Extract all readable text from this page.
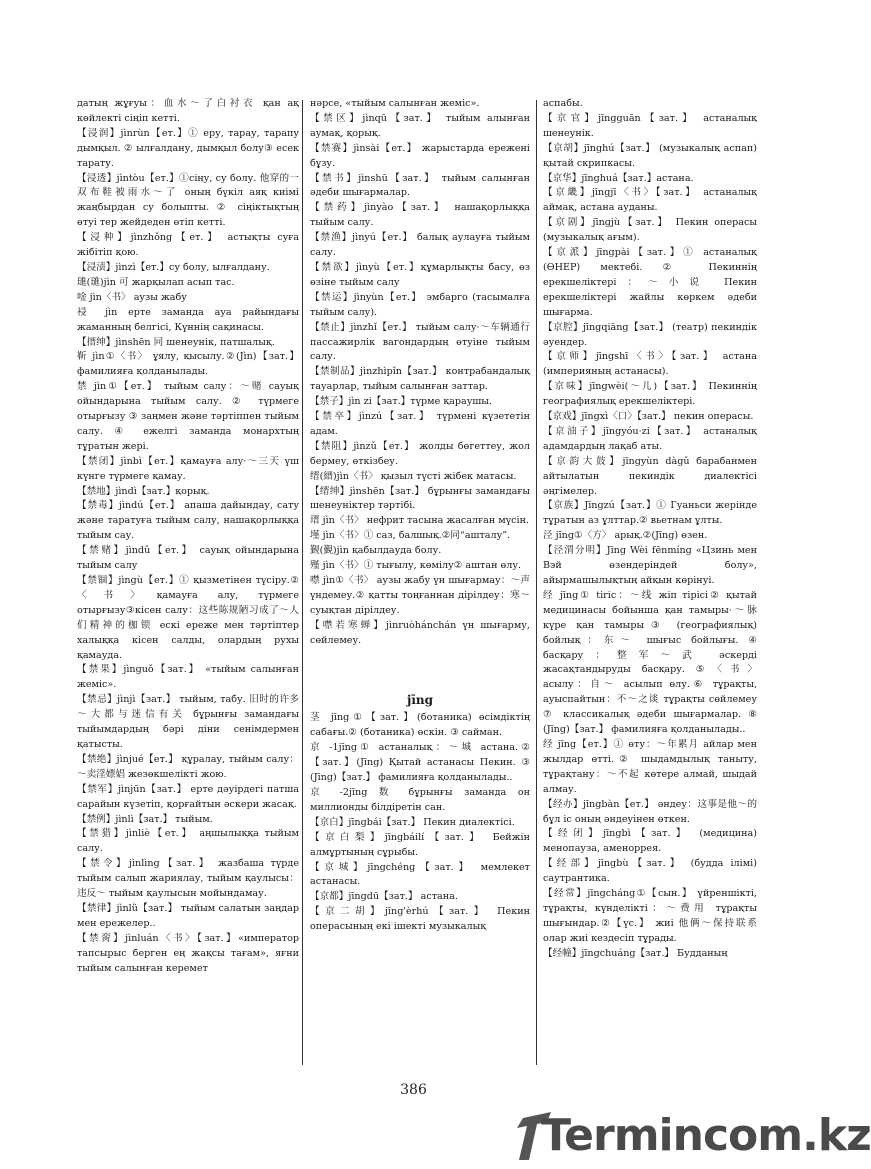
датың жұғуы：血水～了白衬衣 қан ақ көйлекті сіңіп кетті.

【浸润】jìnrùn【ет.】① еру, тарау, тарапу дымқыл. ② ылғалдану, дымқыл болу③ есек тарату.

【浸透】jìntòu【ет.】①сіңу, су болу. 他穿的一双布鞋被雨水～了 оның бүкіл аяқ киімі жаңбырдан су болыпты. ② сіңіктықтың өтуі тер жейдеден өтіп кетті.

【浸种】jìnzhǒng【ет.】 астықты суға жібітіп қою.

【浸渍】jìnzì【ет.】су болу, ылғалдану.

璡(璡)jìn 可 жарқылап асып тас.

唫 jìn〈书〉 аузы жабу

祲 jìn ерте заманда ауа райындағы жаманның белгісі, Күннің сақинасы.

【搢绅】jìnshēn 同 шенеунік, патшалық.

靳 jìn①〈书〉 ұялу, қысылу.②(Jìn)【зат.】фамилияға қолданылады.

禁 jìn①【ет.】 тыйым салу：～赌 сауық ойындарына тыйым салу. ② түрмеге отырғызу ③ заңмен және тәртіппен тыйым салу. ④ ежелгі заманда монархтың тұратын жері.

【禁闭】jìnbì【ет.】қамауға алу·～三天 үш күнге түрмеге қамау.

【禁地】jìndì【зат.】қорық.

【禁毒】jìndú【ет.】 апаша дайындау, сату және таратуға тыйым салу, нашақорлыққа тыйым сау.

【禁赌】jìndǔ【ет.】 сауық ойындарына тыйым салу

【禁锢】jìngù【ет.】① қызметінен түсіру.②〈书〉қамауға алу, түрмеге отырғызу③кісен салу：这些陈规陋习成了～人们精神的枷锁 ескі ереже мен тәртіптер халыққа кісен салды, олардың рухы қамауда.

【禁果】jìnguǒ【зат.】 «тыйым салынған жеміс».

【禁忌】jìnjì【зат.】 тыйым, табу. 旧时的许多～大都与迷信有关 бұрынғы замандағы тыйымдардың бәрі діни сенімдермен қатысты.

【禁绝】jìnjué【ет.】 құралау, тыйым салу：～卖淫嫖娼 жезөкшелікті жою.

【禁军】jìnjūn【зат.】 ерте дәуірдегі патша сарайын күзетіп, қорғайтын әскери жасақ.

【禁例】jìnlì【зат.】 тыйым.

【禁猎】jìnliè【ет.】 аңшылыққа тыйым салу.

【禁令】jìnlìng【зат.】 жазбаша түрде тыйым салып жариялау, тыйым қаулысы：违反～ тыйым қаулысын мойындамау.

【禁律】jìnlǜ【зат.】 тыйым салатын заңдар мен ережелер..

【禁脔】jìnluán〈书〉【зат.】«император тапсырыс берген ең жақсы тағам», яғни тыйым салынған керемет

нәрсе, «тыйым салынған жеміс».

【禁区】jìnqū【зат.】 тыйым алынған аумақ, қорық.

【禁赛】jìnsài【ет.】 жарыстарда ережені бұзу.

【禁书】jìnshū【зат.】 тыйым салынған әдеби шығармалар.

【禁药】jìnyào【зат.】 нашақорлыққа тыйым салу.

【禁渔】jìnyú【ет.】 балық аулауға тыйым салу.

【禁欲】jìnyù【ет.】құмарлықты басу, өз өзіне тыйым салу

【禁运】jìnyùn【ет.】 эмбарго (тасымалға тыйым салу).

【禁止】jìnzhǐ【ет.】 тыйым салу·～车辆通行 пассажирлік вагондардың өтуіне тыйым салу.

【禁制品】jìnzhìpǐn【зат.】 контрабандалық тауарлар, тыйым салынған заттар.

【禁子】jìn zi【зат.】түрме қараушы.

【禁卒】jìnzú【зат.】 түрмені күзететін адам.

【禁阻】jìnzǔ【ет.】 жолды бөгеттеу, жол бермеу, өткізбеу.

缙(縉)jìn〈书〉 қызыл түсті жібек матасы.

【缙绅】jìnshēn【зат.】 бұрынғы замандағы шенеуніктер тәртібі.

瑨 jìn〈书〉 нефрит тасына жасалған мүсін.

墐 jìn〈书〉① саз, балшық.②同“ашталу”.

觐(覲)jìn қабылдауда болу.

殣 jìn〈书〉① тығылу, көмілу② аштан өлу.

噤 jìn①〈书〉 аузы жабу үн шығармау：～声 үндемеу.② қатты тоңғаннан дірілдеу：寒～ суықтан дірілдеу.

【噤若寒蝉】jìnruòhánchán үн шығарму, сөйлемеу.

jīng

茎 jīng①【зат.】(ботаника) өсімдіктің сабағы.② (ботаника) өскін. ③ сайман.

京 -1jīng① астаналық：～城 астана.② 【зат.】(Jīng) Қытай астанасы Пекин. ③ (Jīng)【зат.】 фамилияға қолданылады..

京 -2jīng 数 бұрынғы заманда он миллионды білдіретін сан.

【京白】jīngbái【зат.】 Пекин диалектісі.

【京白梨】jīngbáilí【зат.】 Бейжін алмұртының сұрыбы.

【京城】jīngchéng【зат.】 мемлекет астанасы.

【京都】jīngdū【зат.】 астана.

【京二胡】jīng'èrhú【зат.】 Пекин операсының екі ішекті музыкалық

аспабы.

【京官】jīngguān【зат.】 астаналық шенеунік.

【京胡】jīnghú【зат.】 (музыкалық аспап) қытай скрипкасы.

【京华】jīnghuá【зат.】астана.

【京畿】jīngjī〈书〉【зат.】 астаналық аймақ, астана ауданы.

【京剧】jīngjù【зат.】 Пекин операсы (музыкалық ағым).

【京派】jīngpài【зат.】① астаналық (ӨНЕР) мектебі. ② Пекиннің ерекшеліктері：～小说 Пекин ерекшеліктері жайлы көркем әдеби шығарма.

【京腔】jīngqiāng【зат.】 (театр) пекиндік әуендер.

【京师】jīngshī〈书〉【зат.】 астана (империяның астанасы).

【京味】jīngwèi(～儿)【зат.】 Пекиннің географиялық ерекшеліктері.

【京戏】jīngxì〈口〉【зат.】 пекин операсы.

【京油子】jīngyóu·zi【зат.】 астаналық адамдардың лақаб аты.

【京韵大鼓】jīngyùn dàgǔ барабанмен айтылатын пекиндік диалектісі әңгімелер.

【京族】Jīngzú【зат.】① Гуаньси жерінде тұратын аз ұлттар.② вьетнам ұлты.

泾 jīng①〈方〉 арық.②(Jīng) өзен.

【泾渭分明】Jīng Wèi fēnmíng «Цзинь мен Вэй өзендеріндей болу», айырмашылықтың айқын көрінуі.

经 jīng① tirіс：～线 жіп тірісі② қытай медицинасы бойынша қан тамыры·～脉 күре қан тамыры③ (географиялық) бойлық：东～ шығыс бойлығы. ④ басқару：整军～武 әскерді жасақтандыруды басқару. ⑤〈书〉асылу：自～ асылып өлу.⑥ тұрақты, ауыспайтын：不～之谈 тұрақты сөйлемеу ⑦ классикалық әдеби шығармалар. ⑧ (Jīng)【зат.】 фамилияға қолданылады..

经 jīng【ет.】① өту：～年累月 айлар мен жылдар өтті.② шыдамдылық таныту, тұрақтану：～不起 көтере алмай, шыдай алмау.

【经办】jīngbàn【ет.】 әндеу：这事是他～的 бұл іс оның әндеуінен өткен.

【经闭】jīngbì【зат.】 (медицина) менопауза, аменоррея.

【经部】jīngbù【зат.】 (будда ілімі) саутрантика.

【经常】jīngcháng①【сын.】 үйреншікті, тұрақты, күнделікті：～费用 тұрақты шығындар.②【үс.】 жиі 他俩～保持联系 олар жиі кездесіп тұрады.

【经幢】jīngchuáng【зат.】 Будданың

386
Termincom.kz
